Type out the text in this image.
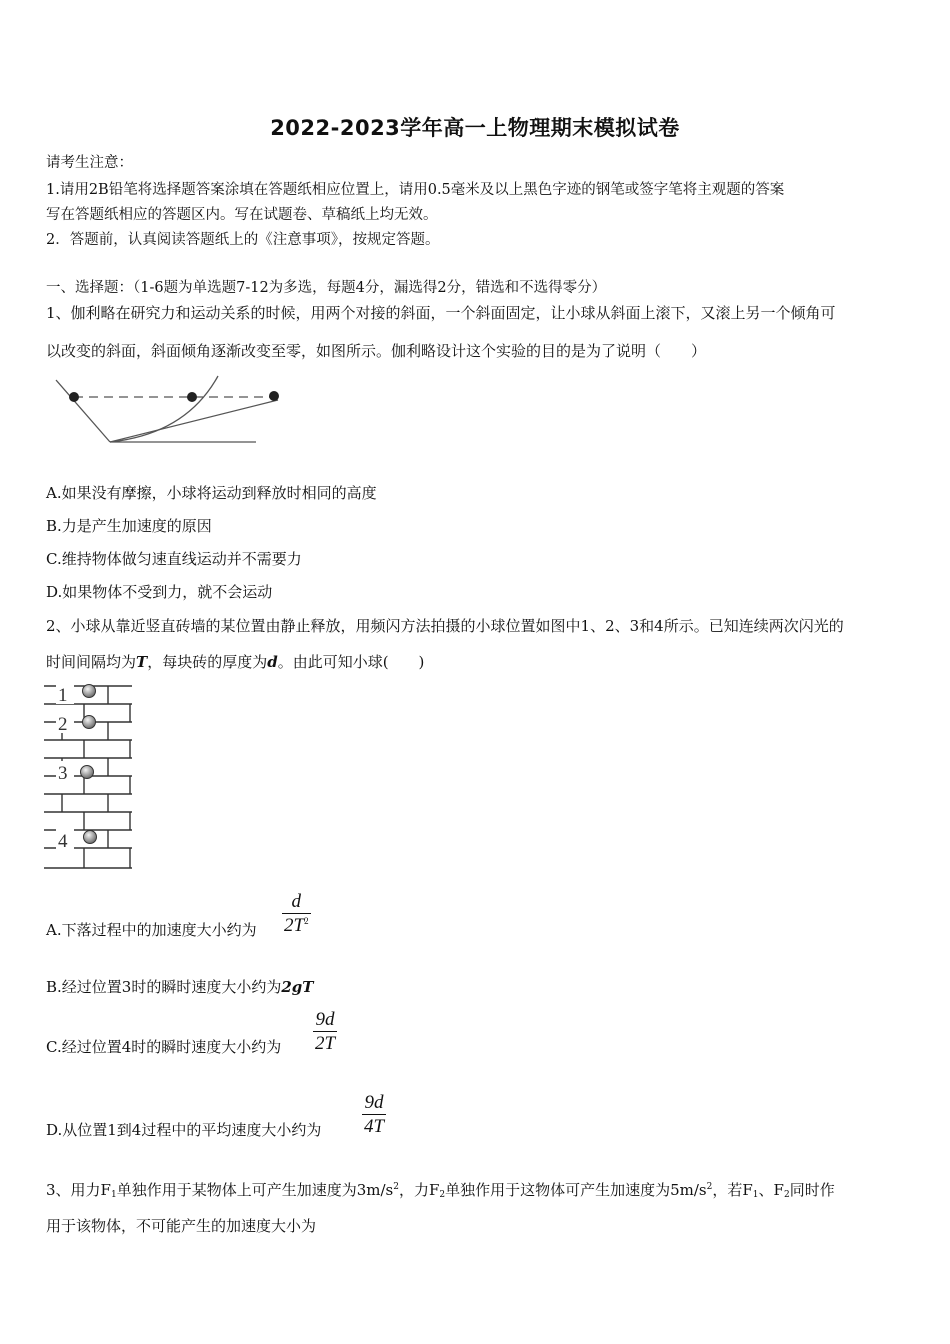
2022-2023学年高一上物理期末模拟试卷
请考生注意：
1.请用2B铅笔将选择题答案涂填在答题纸相应位置上，请用0.5毫米及以上黑色字迹的钢笔或签字笔将主观题的答案
写在答题纸相应的答题区内。写在试题卷、草稿纸上均无效。
2．答题前，认真阅读答题纸上的《注意事项》，按规定答题。
一、选择题：（1-6题为单选题7-12为多选，每题4分，漏选得2分，错选和不选得零分）
1、伽利略在研究力和运动关系的时候，用两个对接的斜面，一个斜面固定，让小球从斜面上滚下，又滚上另一个倾角可
以改变的斜面，斜面倾角逐渐改变至零，如图所示。伽利略设计这个实验的目的是为了说明（　　）
A.如果没有摩擦，小球将运动到释放时相同的高度
B.力是产生加速度的原因
C.维持物体做匀速直线运动并不需要力
D.如果物体不受到力，就不会运动
2、小球从靠近竖直砖墙的某位置由静止释放，用频闪方法拍摄的小球位置如图中1、2、3和4所示。已知连续两次闪光的
时间间隔均为T，每块砖的厚度为d。由此可知小球(　　)
1
2
3
4
A.下落过程中的加速度大小约为 $\frac{d}{2T^2}$
B.经过位置3时的瞬时速度大小约为2gT
C.经过位置4时的瞬时速度大小约为 $\frac{9d}{2T}$
D.从位置1到4过程中的平均速度大小约为 $\frac{9d}{4T}$
3、用力$F_1$单独作用于某物体上可产生加速度为$3m/s^2$，力$F_2$单独作用于这物体可产生加速度为$5m/s^2$，若$F_1$、$F_2$同时作
用于该物体，不可能产生的加速度大小为
